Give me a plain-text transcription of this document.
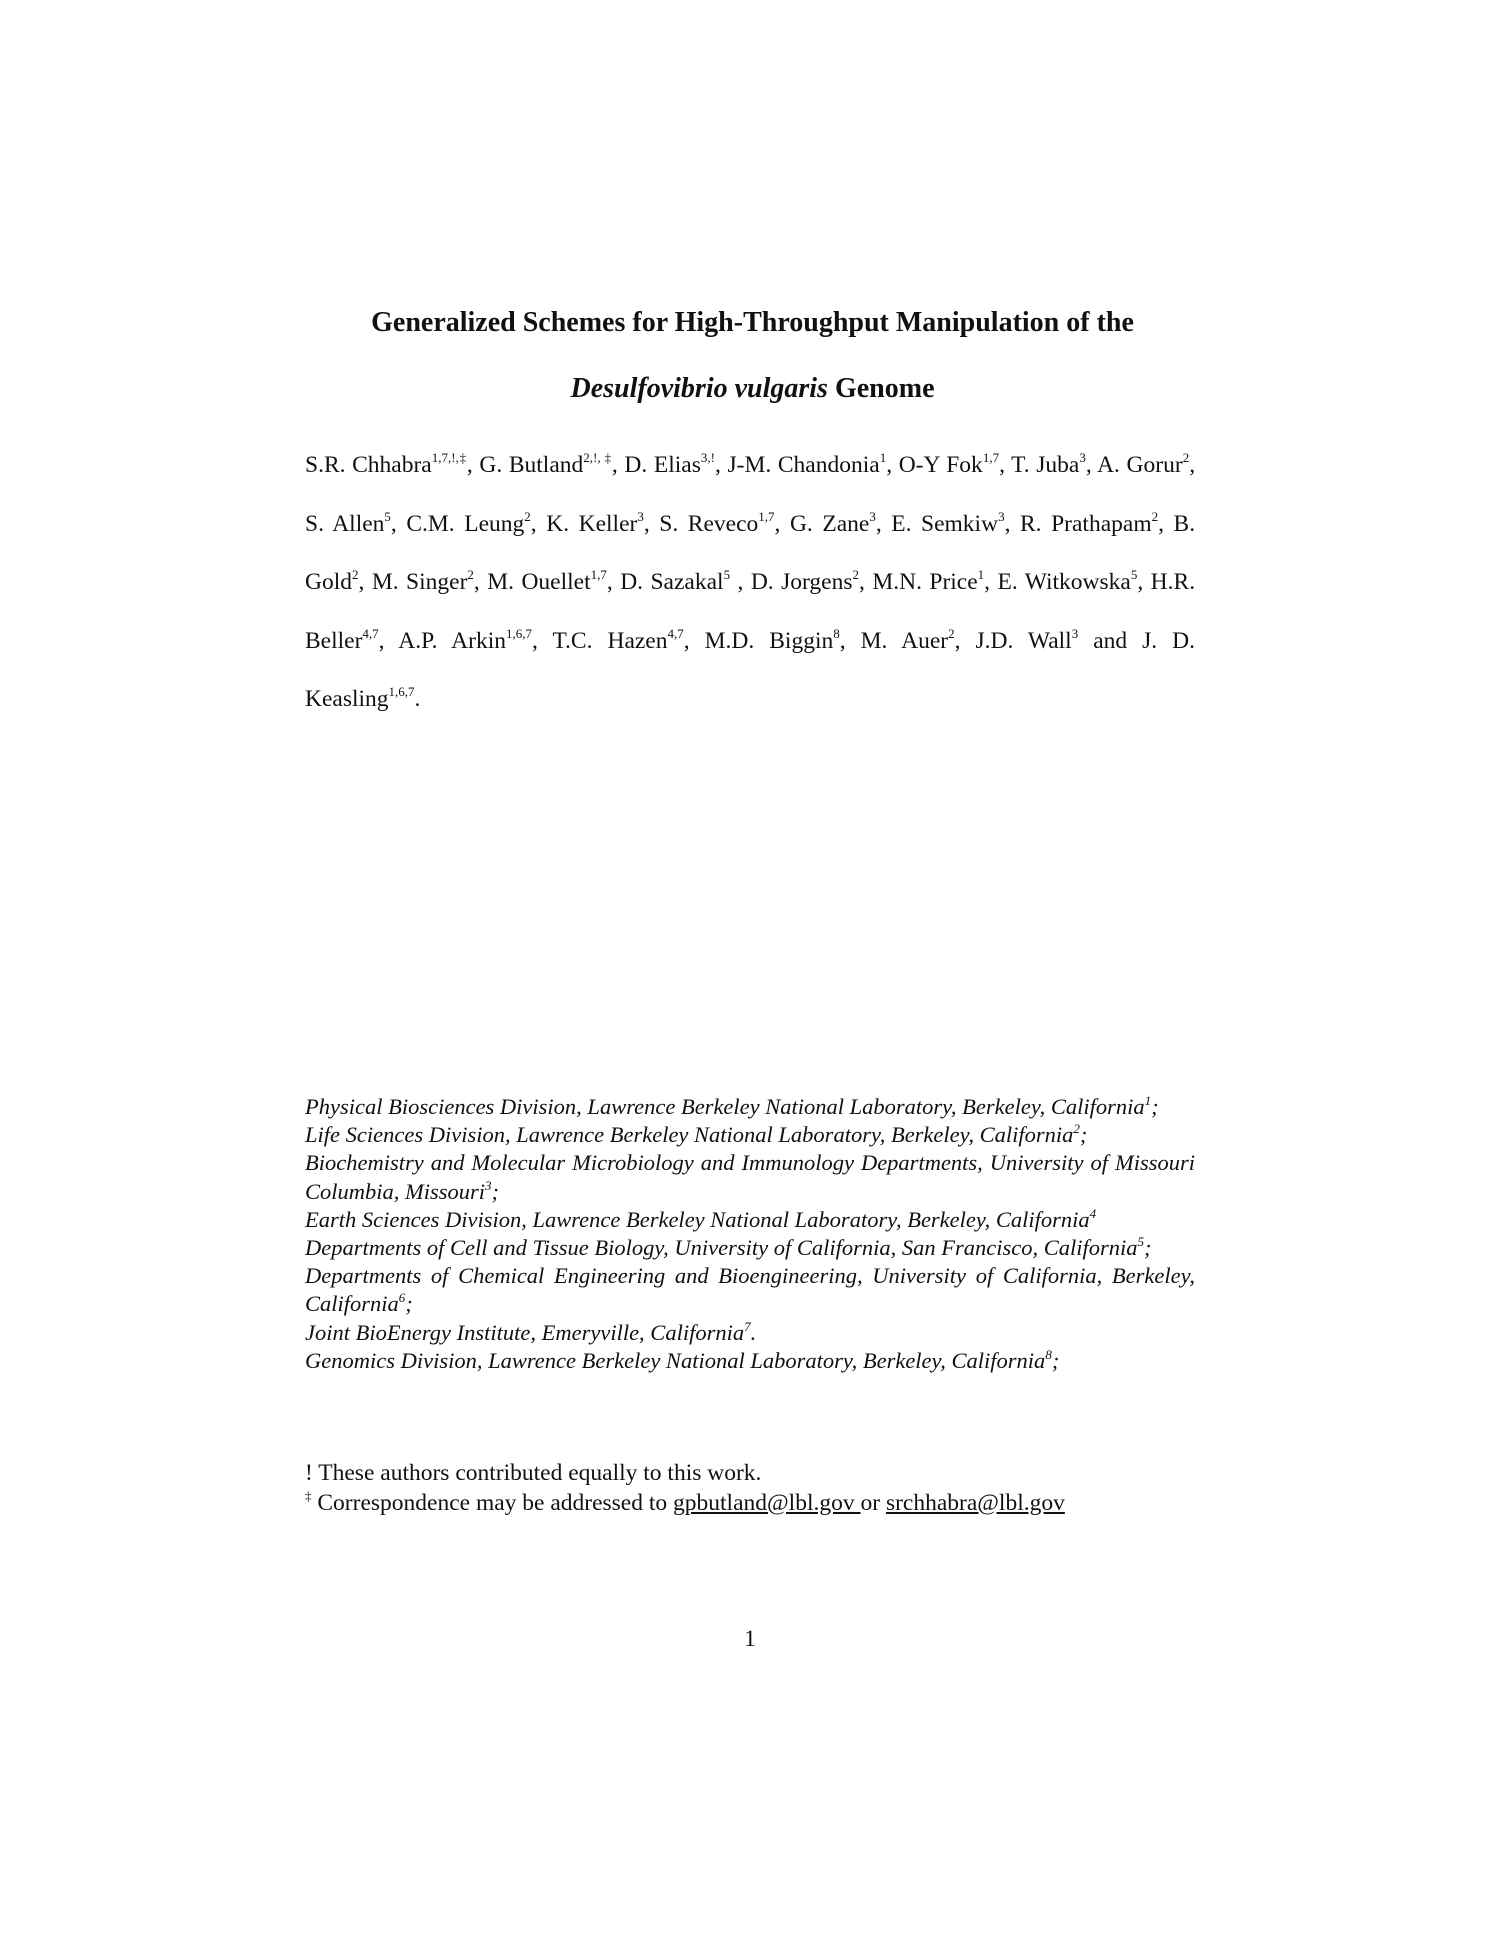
Generalized Schemes for High-Throughput Manipulation of the
Desulfovibrio vulgaris Genome

S.R. Chhabra$^{1,7,!,\ddagger}$, G. Butland$^{2,!, \ddagger}$, D. Elias$^{3,!}$, J-M. Chandonia$^1$, O-Y Fok$^{1,7}$, T. Juba$^3$, A. Gorur$^2$, S. Allen$^5$, C.M. Leung$^2$, K. Keller$^3$, S. Reveco$^{1,7}$, G. Zane$^3$, E. Semkiw$^3$, R. Prathapam$^2$, B. Gold$^2$, M. Singer$^2$, M. Ouellet$^{1,7}$, D. Sazakal$^5$ , D. Jorgens$^2$, M.N. Price$^1$, E. Witkowska$^5$, H.R. Beller$^{4,7}$, A.P. Arkin$^{1,6,7}$, T.C. Hazen$^{4,7}$, M.D. Biggin$^8$, M. Auer$^2$, J.D. Wall$^3$ and J. D. Keasling$^{1,6,7}$.

Physical Biosciences Division, Lawrence Berkeley National Laboratory, Berkeley, California$^1$;
Life Sciences Division, Lawrence Berkeley National Laboratory, Berkeley, California$^2$;
Biochemistry and Molecular Microbiology and Immunology Departments, University of Missouri Columbia, Missouri$^3$;
Earth Sciences Division, Lawrence Berkeley National Laboratory, Berkeley, California$^4$
Departments of Cell and Tissue Biology, University of California, San Francisco, California$^5$;
Departments of Chemical Engineering and Bioengineering, University of California, Berkeley, California$^6$;
Joint BioEnergy Institute, Emeryville, California$^7$.
Genomics Division, Lawrence Berkeley National Laboratory, Berkeley, California$^8$;
! These authors contributed equally to this work.
‡ Correspondence may be addressed to gpbutland@lbl.gov or srchhabra@lbl.gov

1
